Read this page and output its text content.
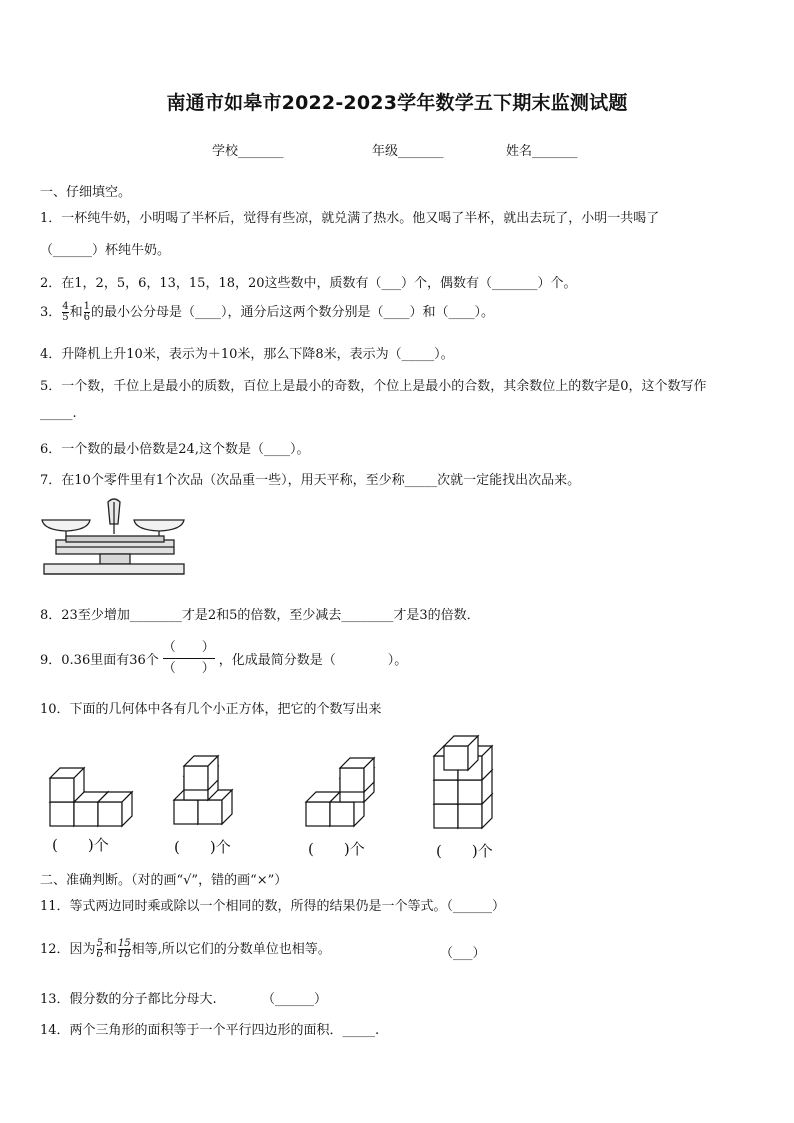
南通市如皋市2022-2023学年数学五下期末监测试题
学校_______	年级_______	姓名_______
一、仔细填空。
1．一杯纯牛奶，小明喝了半杯后，觉得有些凉，就兑满了热水。他又喝了半杯，就出去玩了，小明一共喝了
（______）杯纯牛奶。
2．在1，2，5，6，13，15，18，20这些数中，质数有（___）个，偶数有（_______）个。
3． $\frac{4}{5}$ 和 $\frac{1}{6}$ 的最小公分母是（____），通分后这两个数分别是（____）和（____）。
4．升降机上升10米，表示为＋10米，那么下降8米，表示为（_____）。
5．一个数，千位上是最小的质数，百位上是最小的奇数，个位上是最小的合数，其余数位上的数字是0，这个数写作
_____.
6．一个数的最小倍数是24,这个数是（____）。
7．在10个零件里有1个次品（次品重一些），用天平称，至少称_____次就一定能找出次品来。
8．23至少增加________才是2和5的倍数，至少减去________才是3的倍数．
9．0.36里面有36个 $\frac{( )}{( )}$ ，化成最简分数是（　　　　）。
10．下面的几何体中各有几个小正方体，把它的个数写出来
(　　)个	(　　)个	(　　)个	(　　)个
二、准确判断。（对的画“√”，错的画“×”）
11．等式两边同时乘或除以一个相同的数，所得的结果仍是一个等式。（______）
12．因为 $\frac{5}{6}$ 和 $\frac{15}{18}$ 相等,所以它们的分数单位也相等。	（___）
13．假分数的分子都比分母大.	（______）
14．两个三角形的面积等于一个平行四边形的面积．_____.
